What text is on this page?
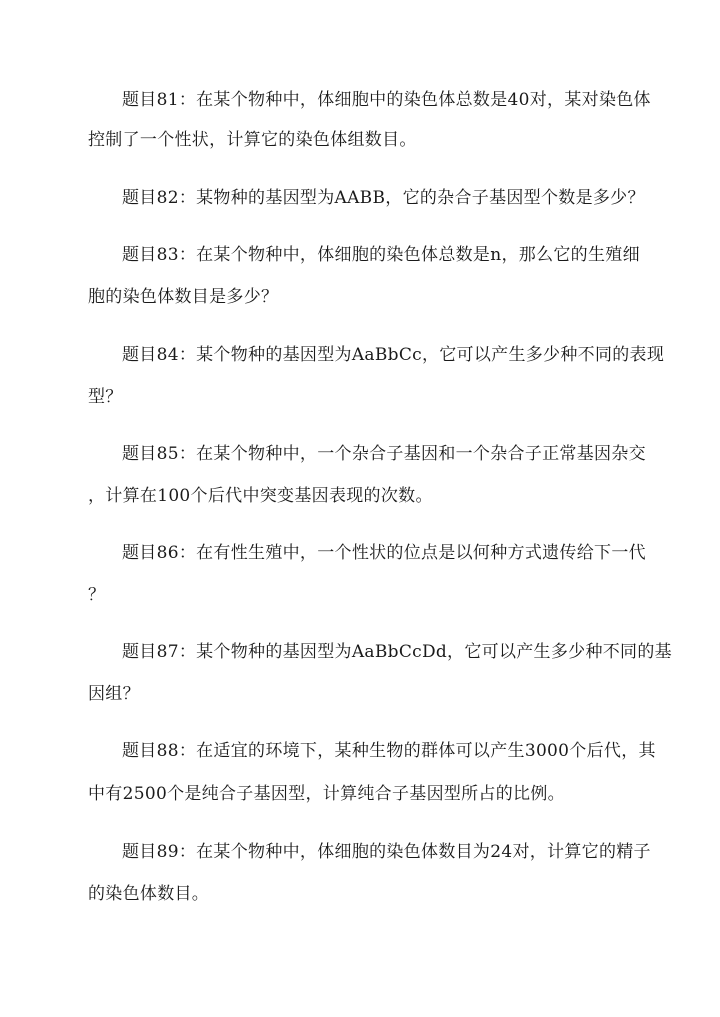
题目81：在某个物种中，体细胞中的染色体总数是40对，某对染色体
控制了一个性状，计算它的染色体组数目。
题目82：某物种的基因型为AABB，它的杂合子基因型个数是多少？
题目83：在某个物种中，体细胞的染色体总数是n，那么它的生殖细
胞的染色体数目是多少？
题目84：某个物种的基因型为AaBbCc，它可以产生多少种不同的表现
型？
题目85：在某个物种中，一个杂合子基因和一个杂合子正常基因杂交
，计算在100个后代中突变基因表现的次数。
题目86：在有性生殖中，一个性状的位点是以何种方式遗传给下一代
？
题目87：某个物种的基因型为AaBbCcDd，它可以产生多少种不同的基
因组？
题目88：在适宜的环境下，某种生物的群体可以产生3000个后代，其
中有2500个是纯合子基因型，计算纯合子基因型所占的比例。
题目89：在某个物种中，体细胞的染色体数目为24对，计算它的精子
的染色体数目。
